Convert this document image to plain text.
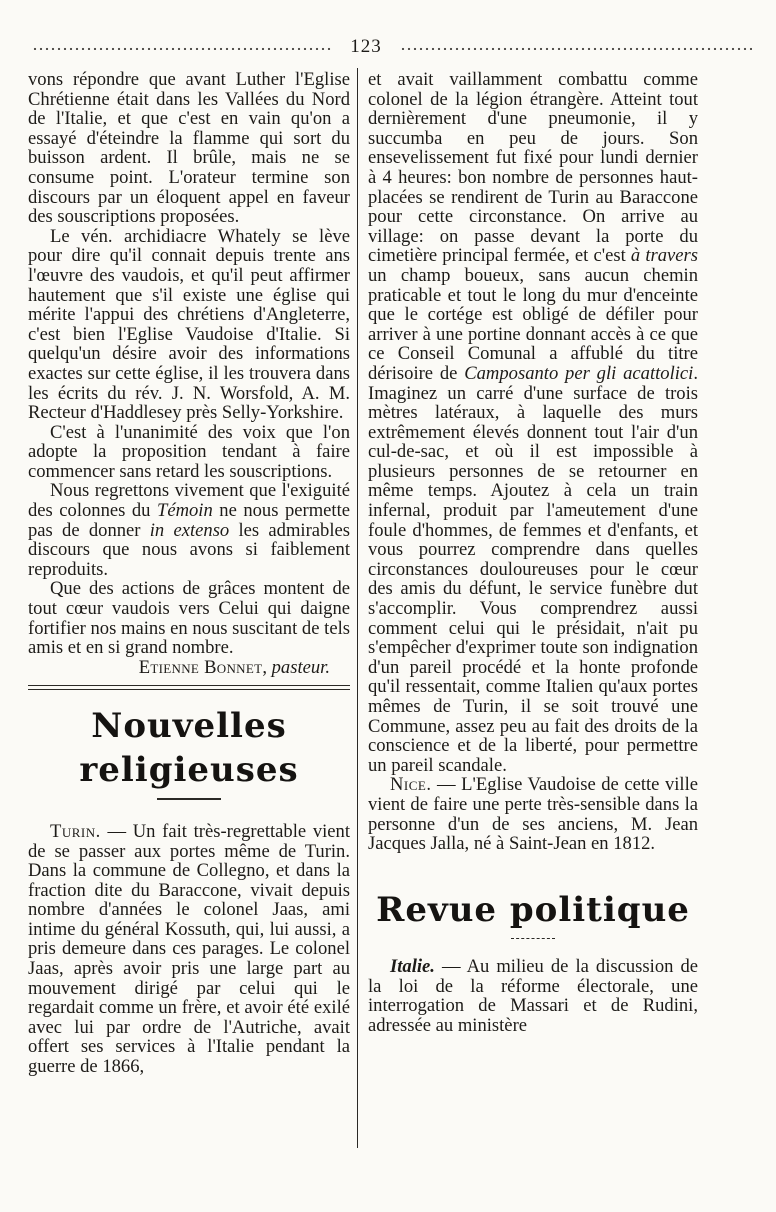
123

vons répondre que avant Luther l'Eglise Chrétienne était dans les Vallées du Nord de l'Italie, et que c'est en vain qu'on a essayé d'éteindre la flamme qui sort du buisson ardent. Il brûle, mais ne se consume point. L'orateur termine son discours par un éloquent appel en faveur des souscriptions proposées.

Le vén. archidiacre Whately se lève pour dire qu'il connait depuis trente ans l'œuvre des vaudois, et qu'il peut affirmer hautement que s'il existe une église qui mérite l'appui des chrétiens d'Angleterre, c'est bien l'Eglise Vaudoise d'Italie. Si quelqu'un désire avoir des informations exactes sur cette église, il les trouvera dans les écrits du rév. J. N. Worsfold, A. M. Recteur d'Haddlesey près Selly-Yorkshire.

C'est à l'unanimité des voix que l'on adopte la proposition tendant à faire commencer sans retard les souscriptions.

Nous regrettons vivement que l'exiguité des colonnes du Témoin ne nous permette pas de donner in extenso les admirables discours que nous avons si faiblement reproduits.

Que des actions de grâces montent de tout cœur vaudois vers Celui qui daigne fortifier nos mains en nous suscitant de tels amis et en si grand nombre.

Etienne Bonnet, pasteur.

Nouvelles religieuses

Turin. — Un fait très-regrettable vient de se passer aux portes même de Turin. Dans la commune de Collegno, et dans la fraction dite du Baraccone, vivait depuis nombre d'années le colonel Jaas, ami intime du général Kossuth, qui, lui aussi, a pris demeure dans ces parages. Le colonel Jaas, après avoir pris une large part au mouvement dirigé par celui qui le regardait comme un frère, et avoir été exilé avec lui par ordre de l'Autriche, avait offert ses services à l'Italie pendant la guerre de 1866,

et avait vaillamment combattu comme colonel de la légion étrangère. Atteint tout dernièrement d'une pneumonie, il y succumba en peu de jours. Son ensevelissement fut fixé pour lundi dernier à 4 heures: bon nombre de personnes haut-placées se rendirent de Turin au Baraccone pour cette circonstance. On arrive au village: on passe devant la porte du cimetière principal fermée, et c'est à travers un champ boueux, sans aucun chemin praticable et tout le long du mur d'enceinte que le cortége est obligé de défiler pour arriver à une portine donnant accès à ce que ce Conseil Comunal a affublé du titre dérisoire de Camposanto per gli acattolici. Imaginez un carré d'une surface de trois mètres latéraux, à laquelle des murs extrêmement élevés donnent tout l'air d'un cul-de-sac, et où il est impossible à plusieurs personnes de se retourner en même temps. Ajoutez à cela un train infernal, produit par l'ameutement d'une foule d'hommes, de femmes et d'enfants, et vous pourrez comprendre dans quelles circonstances douloureuses pour le cœur des amis du défunt, le service funèbre dut s'accomplir. Vous comprendrez aussi comment celui qui le présidait, n'ait pu s'empêcher d'exprimer toute son indignation d'un pareil procédé et la honte profonde qu'il ressentait, comme Italien qu'aux portes mêmes de Turin, il se soit trouvé une Commune, assez peu au fait des droits de la conscience et de la liberté, pour permettre un pareil scandale.

Nice. — L'Eglise Vaudoise de cette ville vient de faire une perte très-sensible dans la personne d'un de ses anciens, M. Jean Jacques Jalla, né à Saint-Jean en 1812.

Revue politique

Italie. — Au milieu de la discussion de la loi de la réforme électorale, une interrogation de Massari et de Rudini, adressée au ministère
